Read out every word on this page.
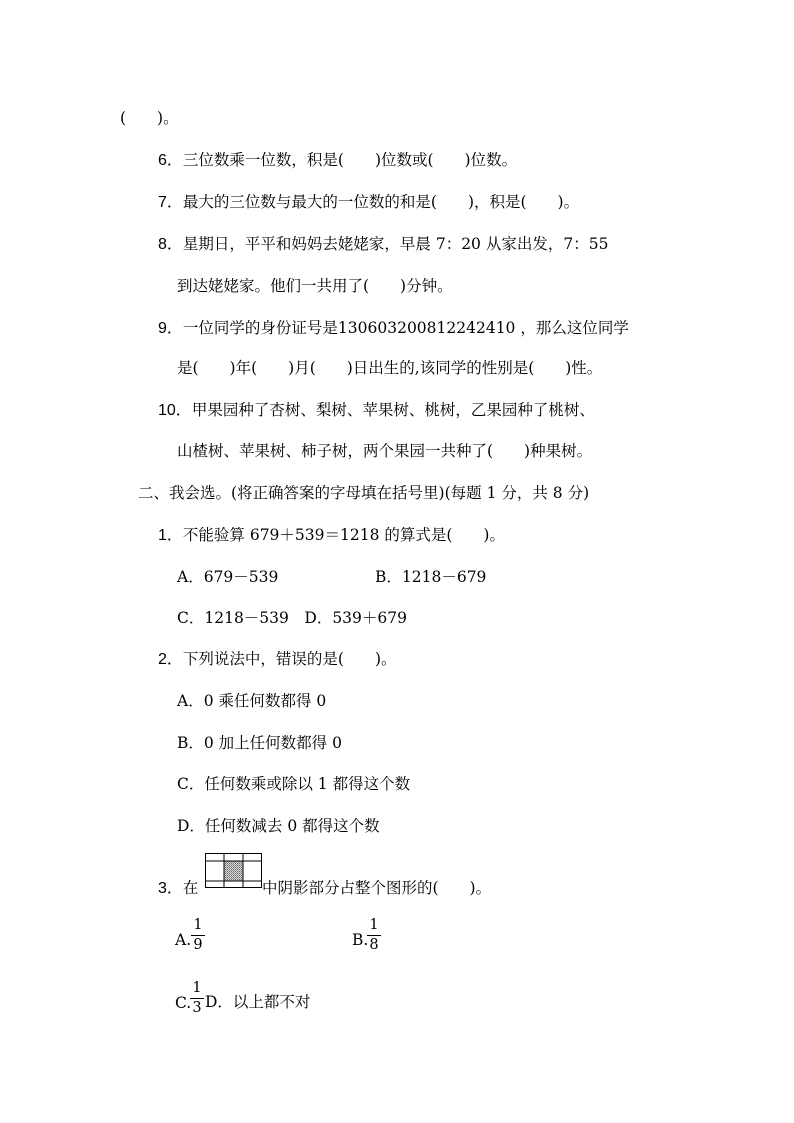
(　　)。
6．三位数乘一位数，积是(　　)位数或(　　)位数。
7．最大的三位数与最大的一位数的和是(　　)，积是(　　)。
8．星期日，平平和妈妈去姥姥家，早晨 7：20 从家出发，7：55
到达姥姥家。他们一共用了(　　)分钟。
9．一位同学的身份证号是130603200812242410 ，那么这位同学
是(　　)年(　　)月(　　)日出生的,该同学的性别是(　　)性。
10．甲果园种了杏树、梨树、苹果树、桃树，乙果园种了桃树、
山楂树、苹果树、柿子树，两个果园一共种了(　　)种果树。
二、我会选。(将正确答案的字母填在括号里)(每题 1 分，共 8 分)
1．不能验算 679＋539＝1218 的算式是(　　)。
A．679－539	B．1218－679
C．1218－539　D．539＋679
2．下列说法中，错误的是(　　)。
A．0 乘任何数都得 0
B．0 加上任何数都得 0
C．任何数乘或除以 1 都得这个数
D．任何数减去 0 都得这个数
3．在	中阴影部分占整个图形的(　　)。
A.
1
9	B.
1
8
C.
1
3 D．以上都不对
